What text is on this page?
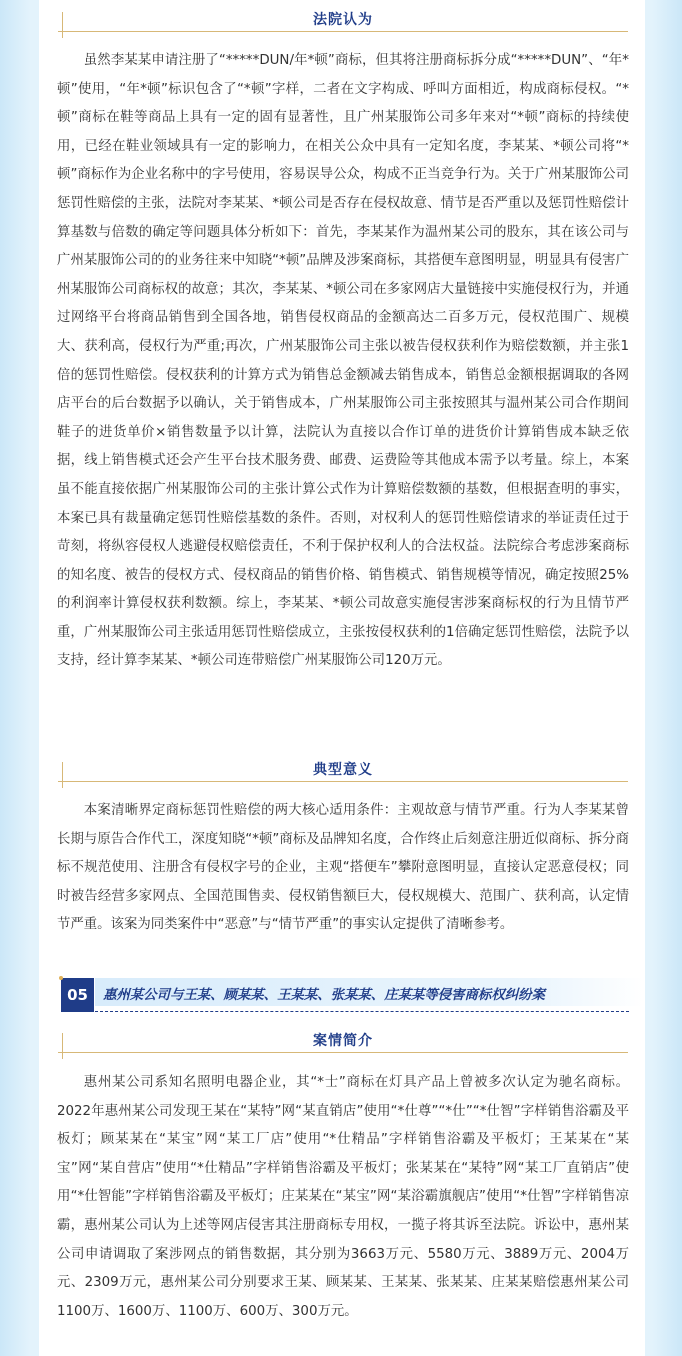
法院认为

虽然李某某申请注册了“*****DUN/年*顿”商标，但其将注册商标拆分成“*****DUN”、“年*顿”使用，“年*顿”标识包含了“*顿”字样，二者在文字构成、呼叫方面相近，构成商标侵权。“*顿”商标在鞋等商品上具有一定的固有显著性，且广州某服饰公司多年来对“*顿”商标的持续使用，已经在鞋业领域具有一定的影响力，在相关公众中具有一定知名度，李某某、*顿公司将“*顿”商标作为企业名称中的字号使用，容易误导公众，构成不正当竞争行为。关于广州某服饰公司惩罚性赔偿的主张，法院对李某某、*顿公司是否存在侵权故意、情节是否严重以及惩罚性赔偿计算基数与倍数的确定等问题具体分析如下：首先，李某某作为温州某公司的股东，其在该公司与广州某服饰公司的的业务往来中知晓“*顿”品牌及涉案商标，其搭便车意图明显，明显具有侵害广州某服饰公司商标权的故意；其次，李某某、*顿公司在多家网店大量链接中实施侵权行为，并通过网络平台将商品销售到全国各地，销售侵权商品的金额高达二百多万元，侵权范围广、规模大、获利高，侵权行为严重;再次，广州某服饰公司主张以被告侵权获利作为赔偿数额，并主张1倍的惩罚性赔偿。侵权获利的计算方式为销售总金额减去销售成本，销售总金额根据调取的各网店平台的后台数据予以确认，关于销售成本，广州某服饰公司主张按照其与温州某公司合作期间鞋子的进货单价×销售数量予以计算，法院认为直接以合作订单的进货价计算销售成本缺乏依据，线上销售模式还会产生平台技术服务费、邮费、运费险等其他成本需予以考量。综上，本案虽不能直接依据广州某服饰公司的主张计算公式作为计算赔偿数额的基数，但根据查明的事实，本案已具有裁量确定惩罚性赔偿基数的条件。否则，对权利人的惩罚性赔偿请求的举证责任过于苛刻，将纵容侵权人逃避侵权赔偿责任，不利于保护权利人的合法权益。法院综合考虑涉案商标的知名度、被告的侵权方式、侵权商品的销售价格、销售模式、销售规模等情况，确定按照25%的利润率计算侵权获利数额。综上，李某某、*顿公司故意实施侵害涉案商标权的行为且情节严重，广州某服饰公司主张适用惩罚性赔偿成立，主张按侵权获利的1倍确定惩罚性赔偿，法院予以支持，经计算李某某、*顿公司连带赔偿广州某服饰公司120万元。

典型意义

本案清晰界定商标惩罚性赔偿的两大核心适用条件：主观故意与情节严重。行为人李某某曾长期与原告合作代工，深度知晓“*顿”商标及品牌知名度，合作终止后刻意注册近似商标、拆分商标不规范使用、注册含有侵权字号的企业，主观“搭便车”攀附意图明显，直接认定恶意侵权；同时被告经营多家网点、全国范围售卖、侵权销售额巨大，侵权规模大、范围广、获利高，认定情节严重。该案为同类案件中“恶意”与“情节严重”的事实认定提供了清晰参考。

05	惠州某公司与王某、顾某某、王某某、张某某、庄某某等侵害商标权纠纷案
案情简介

惠州某公司系知名照明电器企业，其“*士”商标在灯具产品上曾被多次认定为驰名商标。2022年惠州某公司发现王某在“某特”网“某直销店”使用“*仕尊”“*仕”“*仕智”字样销售浴霸及平板灯；顾某某在“某宝”网“某工厂店”使用“*仕精品”字样销售浴霸及平板灯；王某某在“某宝”网“某自营店”使用“*仕精品”字样销售浴霸及平板灯；张某某在“某特”网“某工厂直销店”使用“*仕智能”字样销售浴霸及平板灯；庄某某在“某宝”网“某浴霸旗舰店”使用“*仕智”字样销售凉霸，惠州某公司认为上述等网店侵害其注册商标专用权，一揽子将其诉至法院。诉讼中，惠州某公司申请调取了案涉网点的销售数据，其分别为3663万元、5580万元、3889万元、2004万元、2309万元，惠州某公司分别要求王某、顾某某、王某某、张某某、庄某某赔偿惠州某公司1100万、1600万、1100万、600万、300万元。
